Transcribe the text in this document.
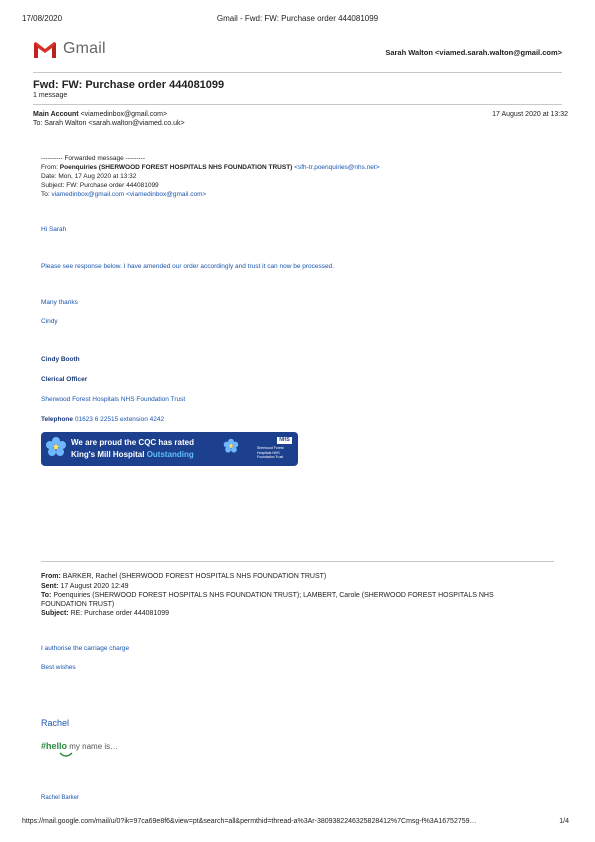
17/08/2020	Gmail - Fwd: FW: Purchase order 444081099
Gmail	Sarah Walton <viamed.sarah.walton@gmail.com>
Fwd: FW: Purchase order 444081099
1 message
Main Account <viamedinbox@gmail.com>
To: Sarah Walton <sarah.walton@viamed.co.uk>
17 August 2020 at 13:32
---------- Forwarded message ---------
From: Poenquiries (SHERWOOD FOREST HOSPITALS NHS FOUNDATION TRUST) <sfh-tr.poenquiries@nhs.net>
Date: Mon, 17 Aug 2020 at 13:32
Subject: FW: Purchase order 444081099
To: viamedinbox@gmail.com <viamedinbox@gmail.com>
Hi Sarah
Please see response below. I have amended our order accordingly and trust it can now be processed.
Many thanks
Cindy
Cindy Booth
Clerical Officer
Sherwood Forest Hospitals NHS Foundation Trust
Telephone 01623 6 22515 extension 4242
We are proud the CQC has rated
King's Mill Hospital Outstanding
NHS
Sherwood Forest Hospitals NHS Foundation Trust
From: BARKER, Rachel (SHERWOOD FOREST HOSPITALS NHS FOUNDATION TRUST)
Sent: 17 August 2020 12:49
To: Poenquiries (SHERWOOD FOREST HOSPITALS NHS FOUNDATION TRUST); LAMBERT, Carole (SHERWOOD FOREST HOSPITALS NHS
FOUNDATION TRUST)
Subject: RE: Purchase order 444081099
I authorise the carriage charge
Best wishes
Rachel
#hello my name is…
Rachel Barker
https://mail.google.com/mail/u/0?ik=97ca69e8f6&view=pt&search=all&permthid=thread-a%3Ar-3809382246325828412%7Cmsg-f%3A16752759…	1/4
